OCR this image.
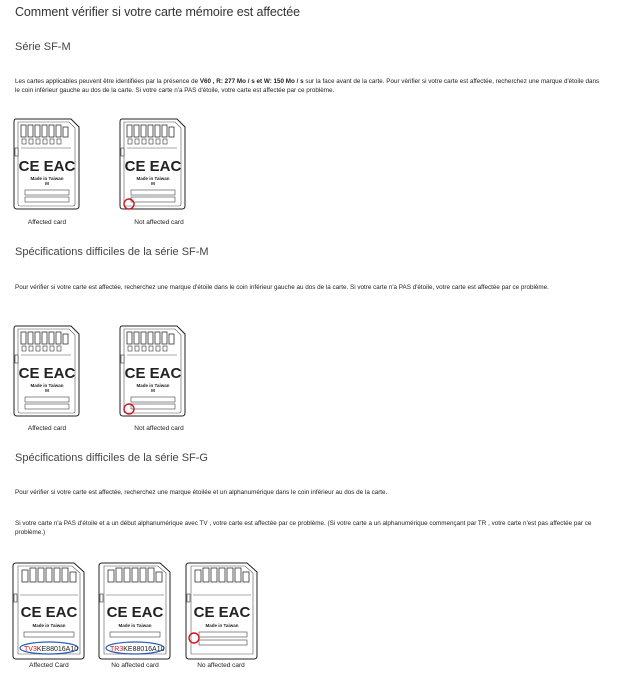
Comment vérifier si votre carte mémoire est affectée
Série SF-M
Les cartes applicables peuvent être identifiées par la présence de V60 , R: 277 Mo / s et W: 150 Mo / s sur la face avant de la carte. Pour vérifier si votre carte est affectée, recherchez une marque d'étoile dans le coin inférieur gauche au dos de la carte. Si votre carte n'a PAS d'étoile, votre carte est affectée par ce problème.
CE EAC
Made in Taiwan
M
Affected card
CE EAC
Made in Taiwan
M
Not affected card
Spécifications difficiles de la série SF-M
Pour vérifier si votre carte est affectée, recherchez une marque d'étoile dans le coin inférieur gauche au dos de la carte. Si votre carte n'a PAS d'étoile, votre carte est affectée par ce problème.
CE EAC
Made in Taiwan
M
Affected card
CE EAC
Made in Taiwan
M
Not affected card
Spécifications difficiles de la série SF-G
Pour vérifier si votre carte est affectée, recherchez une marque étoilée et un alphanumérique dans le coin inférieur au dos de la carte.
Si votre carte n'a PAS d'étoile et a un début alphanumérique avec TV , votre carte est affectée par ce problème. (Si votre carte a un alphanumérique commençant par TR , votre carte n'est pas affectée par ce problème.)
CE EAC
Made in Taiwan
TV3KE88016A10
Affected Card
CE EAC
Made in Taiwan
TR3KE88016A10
No affected card
CE EAC
Made in Taiwan
No affected card
